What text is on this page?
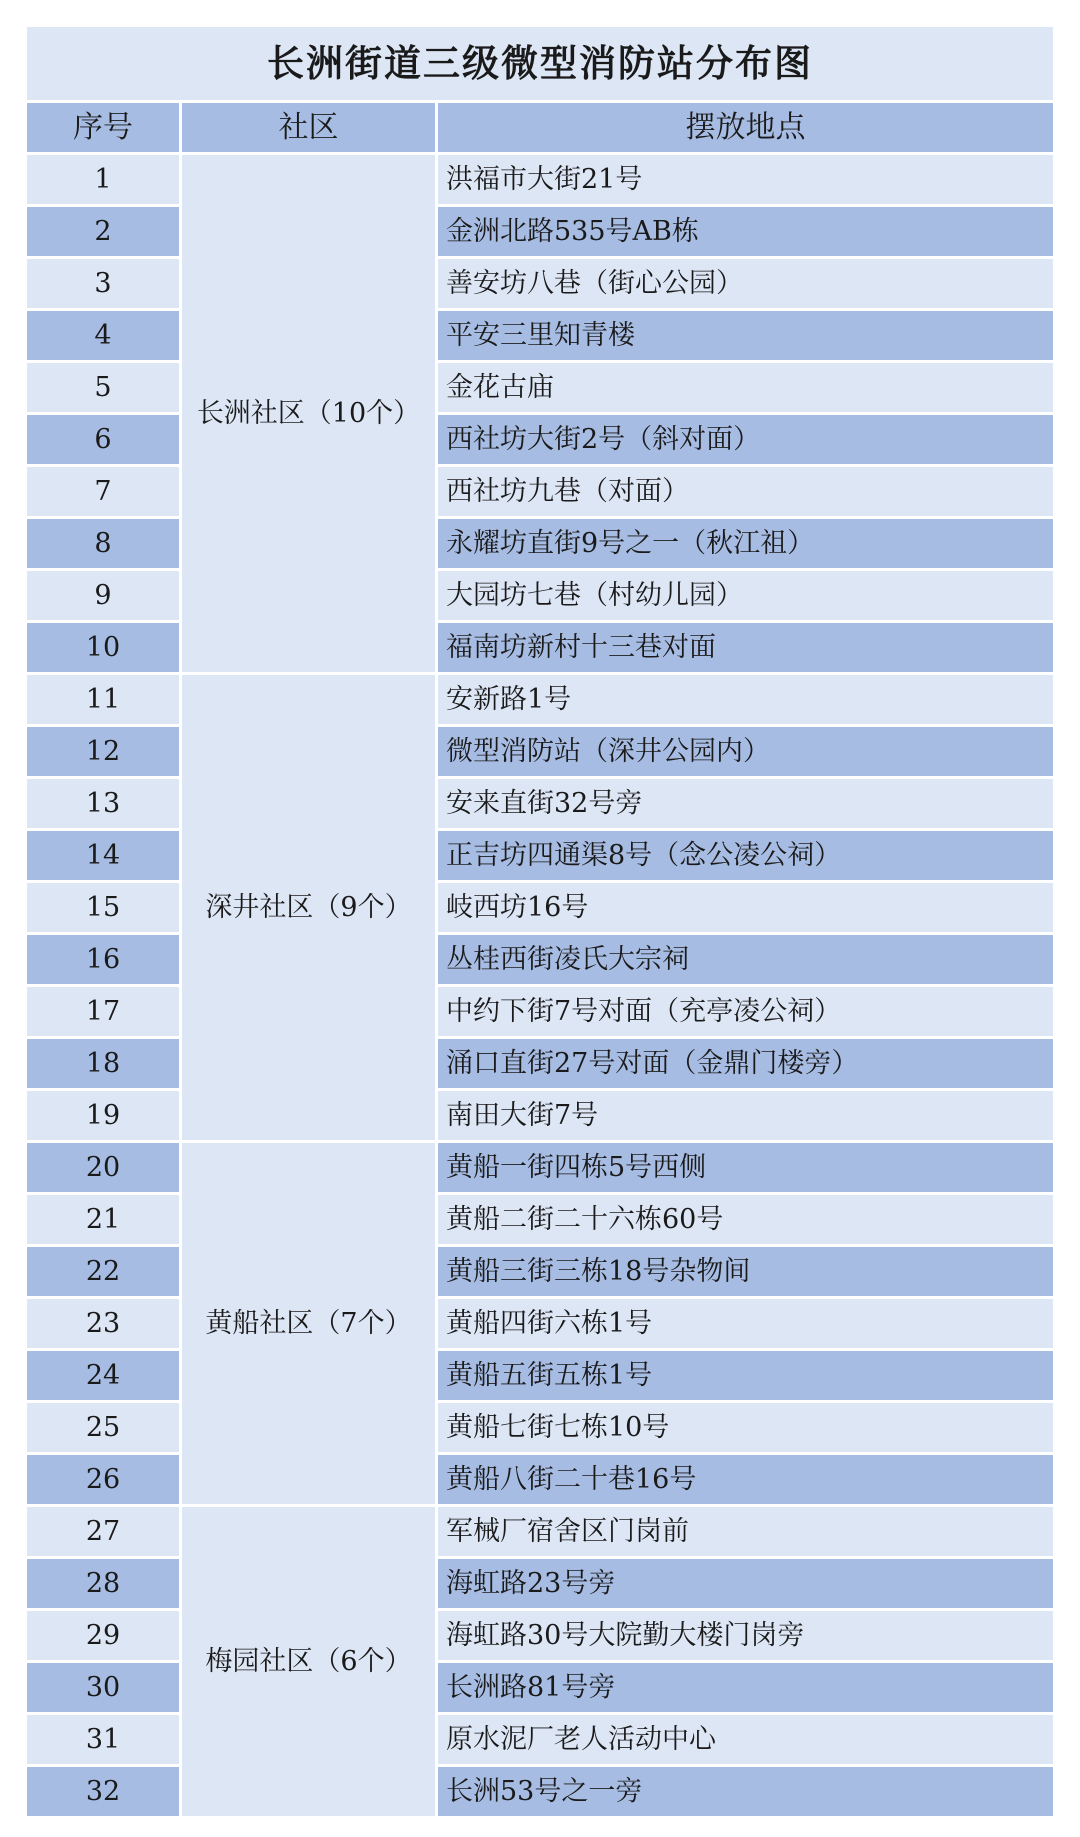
长洲街道三级微型消防站分布图		
序号	社区	摆放地点
1	长洲社区（10个）	洪福市大街21号
2		金洲北路535号AB栋
3		善安坊八巷（街心公园）
4		平安三里知青楼
5		金花古庙
6		西社坊大街2号（斜对面）
7		西社坊九巷（对面）
8		永耀坊直街9号之一（秋江祖）
9		大园坊七巷（村幼儿园）
10		福南坊新村十三巷对面
11	深井社区（9个）	安新路1号
12		微型消防站（深井公园内）
13		安来直街32号旁
14		正吉坊四通渠8号（念公凌公祠）
15		岐西坊16号
16		丛桂西街凌氏大宗祠
17		中约下街7号对面（充亭凌公祠）
18		涌口直街27号对面（金鼎门楼旁）
19		南田大街7号
20	黄船社区（7个）	黄船一街四栋5号西侧
21		黄船二街二十六栋60号
22		黄船三街三栋18号杂物间
23		黄船四街六栋1号
24		黄船五街五栋1号
25		黄船七街七栋10号
26		黄船八街二十巷16号
27	梅园社区（6个）	军械厂宿舍区门岗前
28		海虹路23号旁
29		海虹路30号大院勤大楼门岗旁
30		长洲路81号旁
31		原水泥厂老人活动中心
32		长洲53号之一旁
